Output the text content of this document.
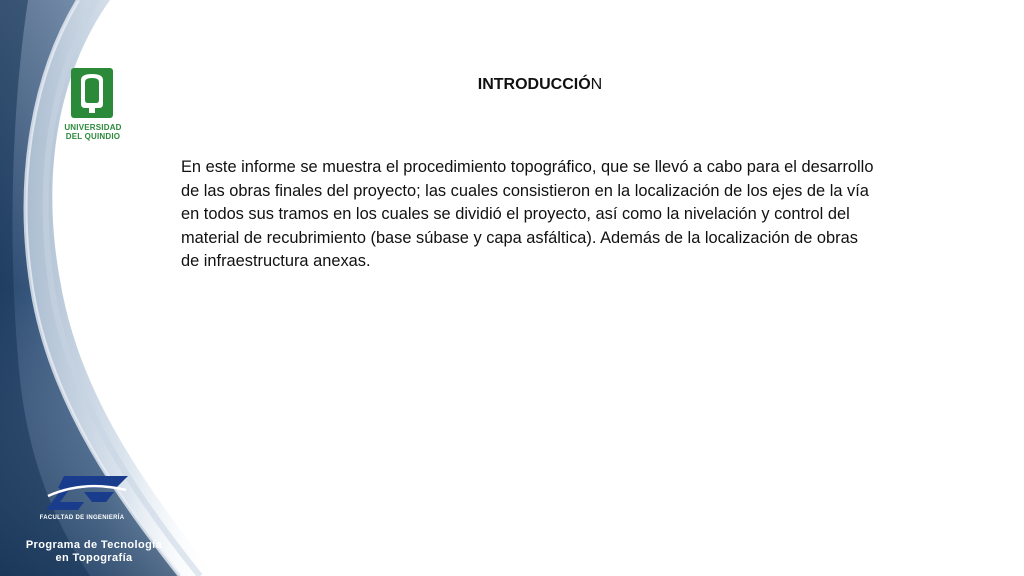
UNIVERSIDAD
DEL QUINDIO
FACULTAD DE INGENIERÍA
Programa de Tecnología
en Topografía
INTRODUCCIÓN
En este informe se muestra el procedimiento topográfico, que se llevó a cabo para el desarrollo
de las obras finales del proyecto; las cuales consistieron en la localización de los ejes de la vía
en todos sus tramos en los cuales se dividió el proyecto, así como la nivelación y control del
material de recubrimiento (base súbase y capa asfáltica). Además de la localización de obras
de infraestructura anexas.
